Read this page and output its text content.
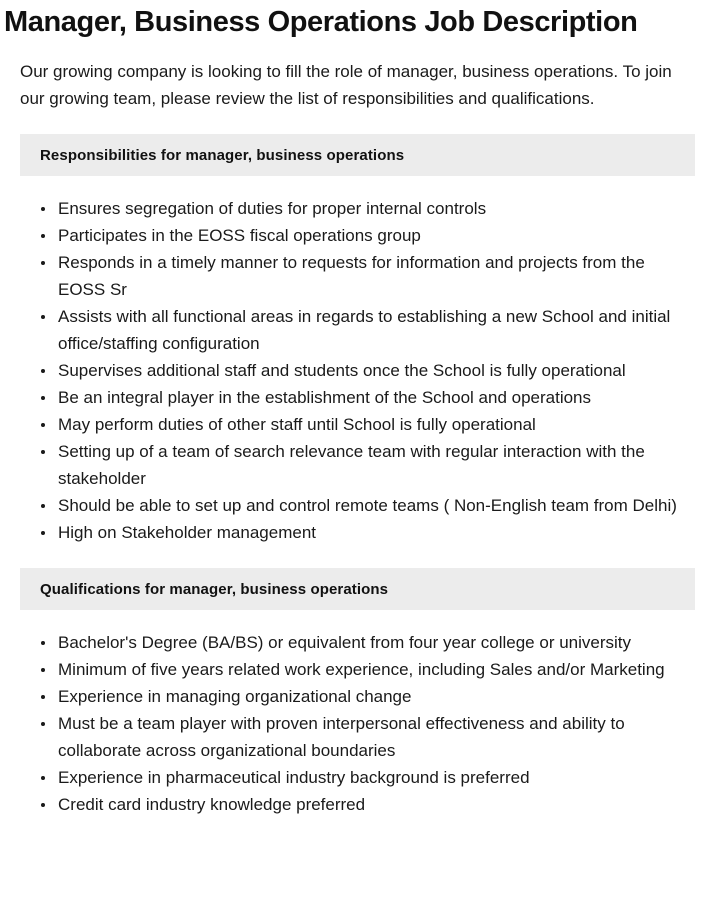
Manager, Business Operations Job Description

Our growing company is looking to fill the role of manager, business operations. To join our growing team, please review the list of responsibilities and qualifications.

Responsibilities for manager, business operations
Ensures segregation of duties for proper internal controls
Participates in the EOSS fiscal operations group
Responds in a timely manner to requests for information and projects from the EOSS Sr
Assists with all functional areas in regards to establishing a new School and initial office/staffing configuration
Supervises additional staff and students once the School is fully operational
Be an integral player in the establishment of the School and operations
May perform duties of other staff until School is fully operational
Setting up of a team of search relevance team with regular interaction with the stakeholder
Should be able to set up and control remote teams ( Non-English team from Delhi)
High on Stakeholder management
Qualifications for manager, business operations
Bachelor's Degree (BA/BS) or equivalent from four year college or university
Minimum of five years related work experience, including Sales and/or Marketing
Experience in managing organizational change
Must be a team player with proven interpersonal effectiveness and ability to collaborate across organizational boundaries
Experience in pharmaceutical industry background is preferred
Credit card industry knowledge preferred
